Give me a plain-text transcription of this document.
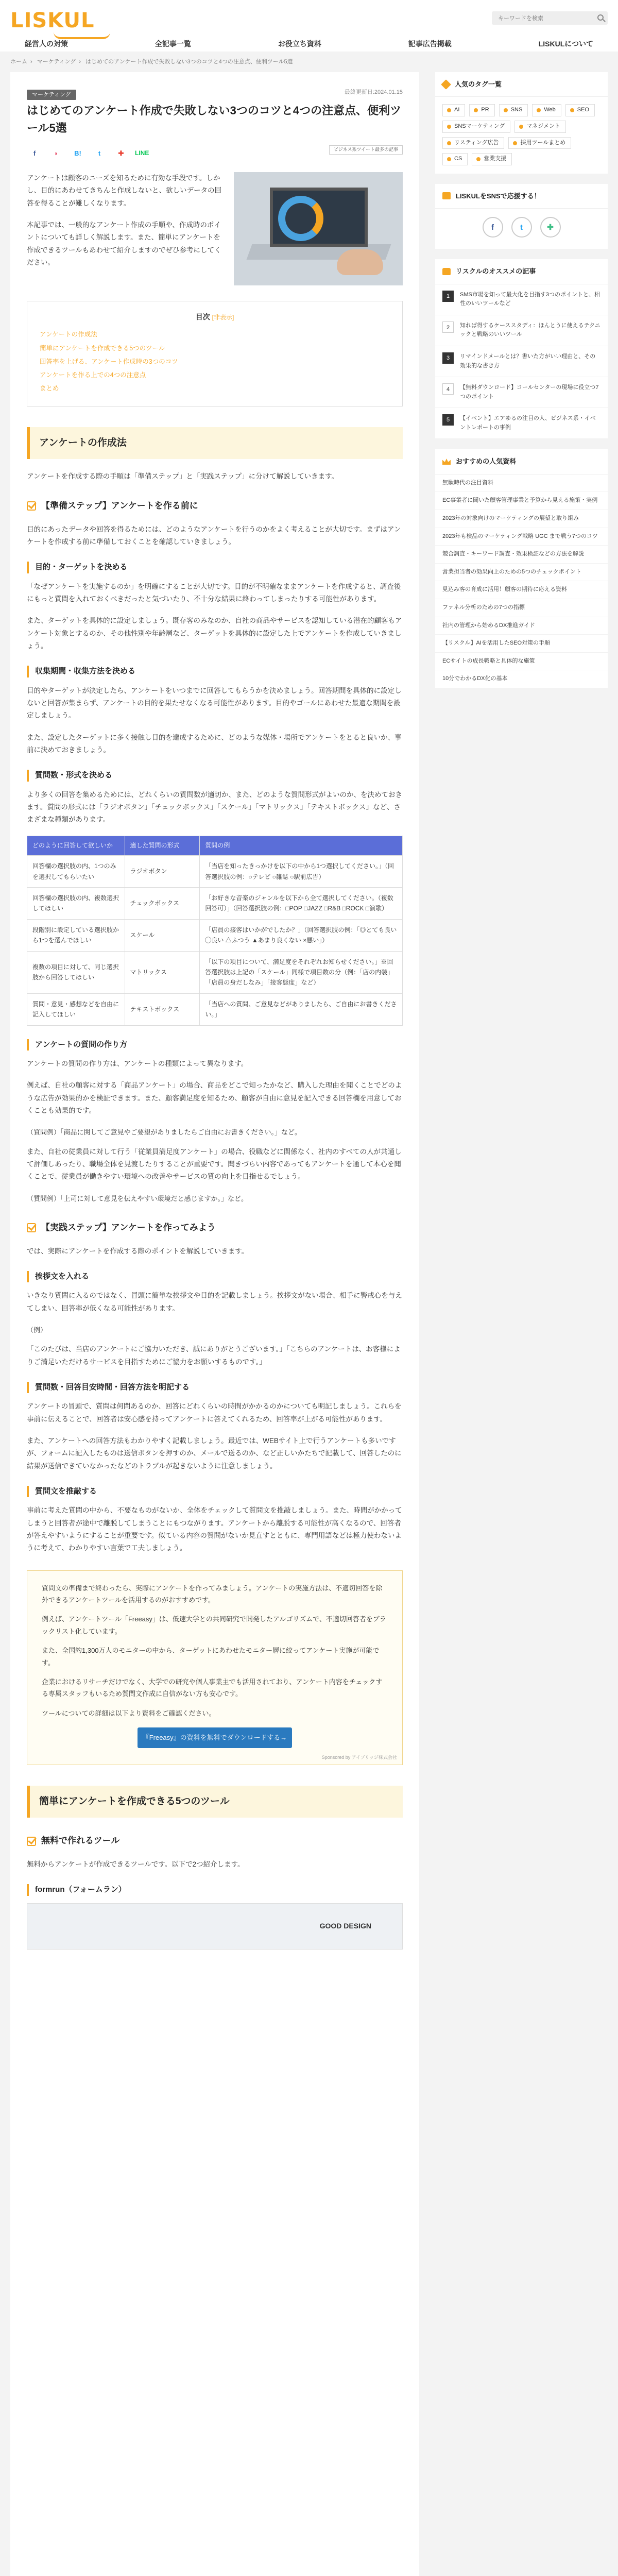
LISKUL
キーワードを検索
経営人の対策	全記事一覧	お役立ち資料	記事広告掲載	LISKULについて
ホーム › マーケティング › はじめてのアンケート作成で失敗しない3つのコツと4つの注意点、便利ツール5選
マーケティング	最終更新日:2024.01.15
はじめてのアンケート作成で失敗しない3つのコツと4つの注意点、便利ツール5選
f	◗	B!	t	✚	LINE
ビジネス系ツイート最多の記事

アンケートは顧客のニーズを知るために有効な手段です。しかし、目的にあわせてきちんと作成しないと、欲しいデータの回答を得ることが難しくなります。

本記事では、一般的なアンケート作成の手順や、作成時のポイントについても詳しく解説します。また、簡単にアンケートを作成できるツールもあわせて紹介しますのでぜひ参考にしてください。

目次 [非表示]
アンケートの作成法
簡単にアンケートを作成できる5つのツール
回答率を上げる、アンケート作成時の3つのコツ
アンケートを作る上での4つの注意点
まとめ
アンケートの作成法

アンケートを作成する際の手順は「準備ステップ」と「実践ステップ」に分けて解説していきます。

【準備ステップ】アンケートを作る前に

目的にあったデータや回答を得るためには、どのようなアンケートを行うのかをよく考えることが大切です。まずはアンケートを作成する前に準備しておくことを確認していきましょう。

目的・ターゲットを決める

「なぜアンケートを実施するのか」を明確にすることが大切です。目的が不明確なままアンケートを作成すると、調査後にもっと質問を入れておくべきだったと気づいたり、不十分な結果に終わってしまったりする可能性があります。

また、ターゲットを具体的に設定しましょう。既存客のみなのか、自社の商品やサービスを認知している潜在的顧客もアンケート対象とするのか、その他性別や年齢層など、ターゲットを具体的に設定した上でアンケートを作成していきましょう。

収集期間・収集方法を決める

目的やターゲットが決定したら、アンケートをいつまでに回答してもらうかを決めましょう。回答期間を具体的に設定しないと回答が集まらず、アンケートの目的を果たせなくなる可能性があります。目的やゴールにあわせた最適な期間を設定しましょう。

また、設定したターゲットに多く接触し目的を達成するために、どのような媒体・場所でアンケートをとると良いか、事前に決めておきましょう。

質問数・形式を決める

より多くの回答を集めるためには、どれくらいの質問数が適切か、また、どのような質問形式がよいのか、を決めておきます。質問の形式には「ラジオボタン」「チェックボックス」「スケール」「マトリックス」「テキストボックス」など、さまざまな種類があります。

どのように回答して欲しいか	適した質問の形式	質問の例
回答欄の選択肢の内、1つのみを選択してもらいたい	ラジオボタン	「当店を知ったきっかけを以下の中から1つ選択してください。」（回答選択肢の例：○テレビ ○雑誌 ○駅前広告）
回答欄の選択肢の内、複数選択してほしい	チェックボックス	「お好きな音楽のジャンルを以下から全て選択してください。（複数回答可）」（回答選択肢の例：□POP □JAZZ □R&B □ROCK □演歌）
段階別に設定している選択肢から1つを選んでほしい	スケール	「店員の接客はいかがでしたか？」（回答選択肢の例：「◎とても良い ◯良い △ふつう ▲あまり良くない ×悪い」）
複数の項目に対して、同じ選択肢から回答してほしい	マトリックス	「以下の項目について、満足度をそれぞれお知らせください。」※回答選択肢は上記の「スケール」同様で項目数の分（例：「店の内装」「店員の身だしなみ」「接客態度」など）
質問・意見・感想などを自由に記入してほしい	テキストボックス	「当店への質問、ご意見などがありましたら、ご自由にお書きください。」
アンケートの質問の作り方

アンケートの質問の作り方は、アンケートの種類によって異なります。

例えば、自社の顧客に対する「商品アンケート」の場合、商品をどこで知ったかなど、購入した理由を聞くことでどのような広告が効果的かを検証できます。また、顧客満足度を知るため、顧客が自由に意見を記入できる回答欄を用意しておくことも効果的です。

（質問例）「商品に関してご意見やご要望がありましたらご自由にお書きください。」など。

また、自社の従業員に対して行う「従業員満足度アンケート」の場合、役職などに関係なく、社内のすべての人が共通して評価しあったり、職場全体を見渡したりすることが重要です。聞きづらい内容であってもアンケートを通して本心を聞くことで、従業員が働きやすい環境への改善やサービスの質の向上を目指せるでしょう。

（質問例）「上司に対して意見を伝えやすい環境だと感じますか。」など。

【実践ステップ】アンケートを作ってみよう

では、実際にアンケートを作成する際のポイントを解説していきます。

挨拶文を入れる

いきなり質問に入るのではなく、冒頭に簡単な挨拶文や目的を記載しましょう。挨拶文がない場合、相手に警戒心を与えてしまい、回答率が低くなる可能性があります。

（例）

「このたびは、当店のアンケートにご協力いただき、誠にありがとうございます。」「こちらのアンケートは、お客様によりご満足いただけるサービスを目指すためにご協力をお願いするものです。」

質問数・回答目安時間・回答方法を明記する

アンケートの冒頭で、質問は何問あるのか、回答にどれくらいの時間がかかるのかについても明記しましょう。これらを事前に伝えることで、回答者は安心感を持ってアンケートに答えてくれるため、回答率が上がる可能性があります。

また、アンケートへの回答方法もわかりやすく記載しましょう。最近では、WEBサイト上で行うアンケートも多いですが、フォームに記入したものは送信ボタンを押すのか、メールで送るのか、など正しいかたちで記載して、回答したのに結果が送信できていなかったなどのトラブルが起きないように注意しましょう。

質問文を推敲する

事前に考えた質問の中から、不要なものがないか、全体をチェックして質問文を推敲しましょう。また、時間がかかってしまうと回答者が途中で離脱してしまうことにもつながります。アンケートから離脱する可能性が高くなるので、回答者が答えやすいようにすることが重要です。似ている内容の質問がないか見直すとともに、専門用語などは極力使わないように考えて、わかりやすい言葉で工夫しましょう。

質問文の準備まで終わったら、実際にアンケートを作ってみましょう。アンケートの実施方法は、不適切回答を除外できるアンケートツールを活用するのがおすすめです。

例えば、アンケートツール「Freeasy」は、低速大学との共同研究で開発したアルゴリズムで、不適切回答者をブラックリスト化しています。

また、全国約1,300万人のモニターの中から、ターゲットにあわせたモニター層に絞ってアンケート実施が可能です。

企業におけるリサーチだけでなく、大学での研究や個人事業主でも活用されており、アンケート内容をチェックする専属スタッフもいるため質問文作成に自信がない方も安心です。

ツールについての詳細は以下より資料をご確認ください。

『Freeasy』の資料を無料でダウンロードする→
Sponsored by アイブリッジ株式会社
簡単にアンケートを作成できる5つのツール
無料で作れるツール

無料からアンケートが作成できるツールです。以下で2つ紹介します。

formrun（フォームラン）
GOOD DESIGN
人気のタグ一覧
AI	PR	SNS	Web	SEO
SNSマーケティング	マネジメント
リスティング広告	採用ツールまとめ
CS	営業支援
LISKULをSNSで応援する！
f	t	✚
リスクルのオススメの記事
1	SMS市場を知って最大化を目指す3つのポイントと、相性のいいツールなど
2	知れば得するケーススタディ：ほんとうに使えるテクニックと戦略のいいツール
3	リマインドメールとは？書いた方がいい理由と、その効果的な書き方
4	【無料ダウンロード】コールセンターの現場に役立つ7つのポイント
5	【イベント】エアゆるの注目の人、ビジネス系・イベントレポートの事例
おすすめの人気資料
無駄時代の注目資料
EC事業者に聞いた顧客管理事業と予算から見える施策・実例
2023年の対象向けのマーケティングの展望と取り組み
2023年も検品のマーケティング戦略 UGC まで戦う7つのコツ
競合調査・キーワード調査・效果検証などの方法を解説
営業担当者の効果向上のための5つのチェックポイント
見込み客の育成に活用！顧客の期待に応える資料
ファネル分析のための7つの指標
社内の管理から始めるDX推進ガイド
【リスクル】AIを活用したSEO対策の手順
ECサイトの成長戦略と具体的な施策
10分でわかるDX化の基本
